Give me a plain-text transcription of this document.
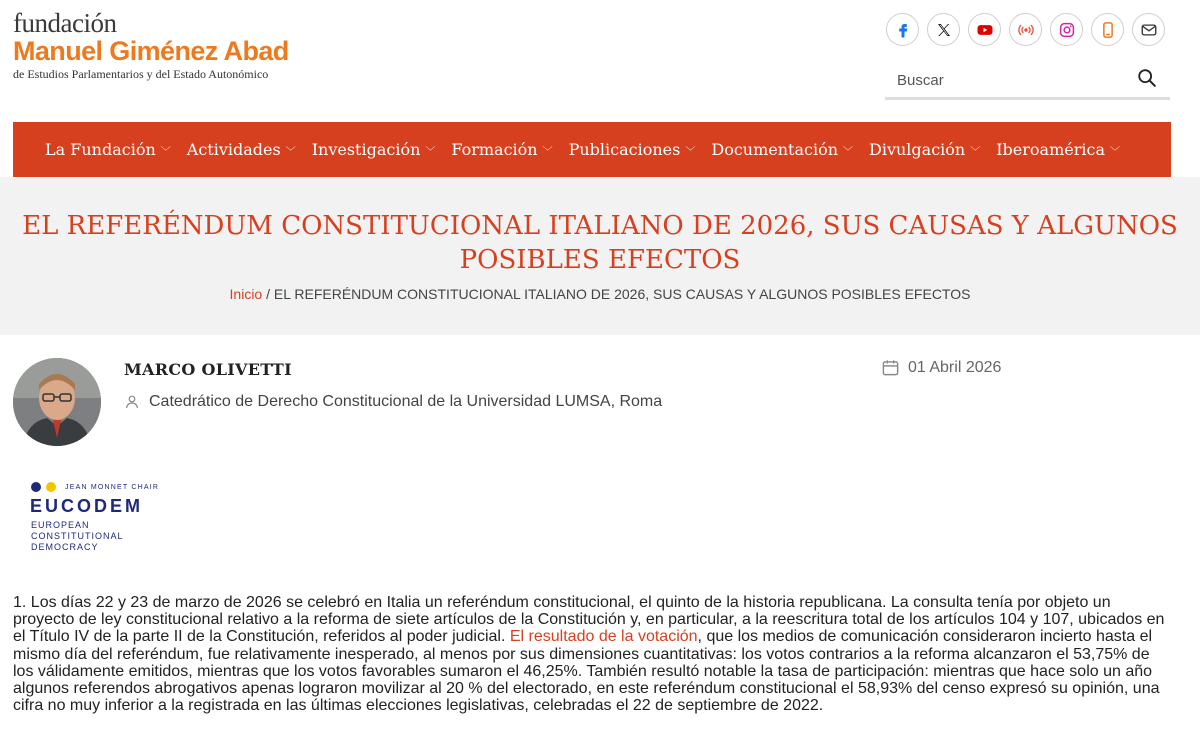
fundación
Manuel Giménez Abad
de Estudios Parlamentarios y del Estado Autonómico
Buscar
La Fundación ﹀ Actividades ﹀ Investigación ﹀ Formación ﹀ Publicaciones ﹀ Documentación ﹀ Divulgación ﹀ Iberoamérica ﹀
EL REFERÉNDUM CONSTITUCIONAL ITALIANO DE 2026, SUS CAUSAS Y ALGUNOS
POSIBLES EFECTOS
Inicio / EL REFERÉNDUM CONSTITUCIONAL ITALIANO DE 2026, SUS CAUSAS Y ALGUNOS POSIBLES EFECTOS
MARCO OLIVETTI
Catedrático de Derecho Constitucional de la Universidad LUMSA, Roma
01 Abril 2026
JEAN MONNET CHAIR
EUCODEM
EUROPEAN
CONSTITUTIONAL
DEMOCRACY

1. Los días 22 y 23 de marzo de 2026 se celebró en Italia un referéndum constitucional, el quinto de la historia republicana. La consulta tenía por objeto un proyecto de ley constitucional relativo a la reforma de siete artículos de la Constitución y, en particular, a la reescritura total de los artículos 104 y 107, ubicados en el Título IV de la parte II de la Constitución, referidos al poder judicial. El resultado de la votación, que los medios de comunicación consideraron incierto hasta el mismo día del referéndum, fue relativamente inesperado, al menos por sus dimensiones cuantitativas: los votos contrarios a la reforma alcanzaron el 53,75% de los válidamente emitidos, mientras que los votos favorables sumaron el 46,25%. También resultó notable la tasa de participación: mientras que hace solo un año algunos referendos abrogativos apenas lograron movilizar al 20 % del electorado, en este referéndum constitucional el 58,93% del censo expresó su opinión, una cifra no muy inferior a la registrada en las últimas elecciones legislativas, celebradas el 22 de septiembre de 2022.
